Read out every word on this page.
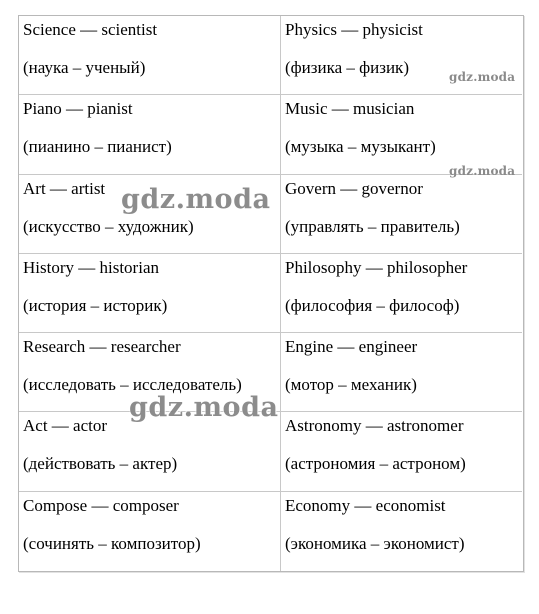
Science — scientist
(наука – ученый)
Physics — physicist
(физика – физик)
Piano — pianist
(пианино – пианист)
Music — musician
(музыка – музыкант)
Art — artist
(искусство – художник)
Govern — governor
(управлять – правитель)
History — historian
(история – историк)
Philosophy — philosopher
(философия – философ)
Research — researcher
(исследовать – исследователь)
Engine — engineer
(мотор – механик)
Act — actor
(действовать – актер)
Astronomy — astronomer
(астрономия – астроном)
Compose — composer
(сочинять – композитор)
Economy — economist
(экономика – экономист)
gdz.moda
gdz.moda
gdz.moda
gdz.moda
